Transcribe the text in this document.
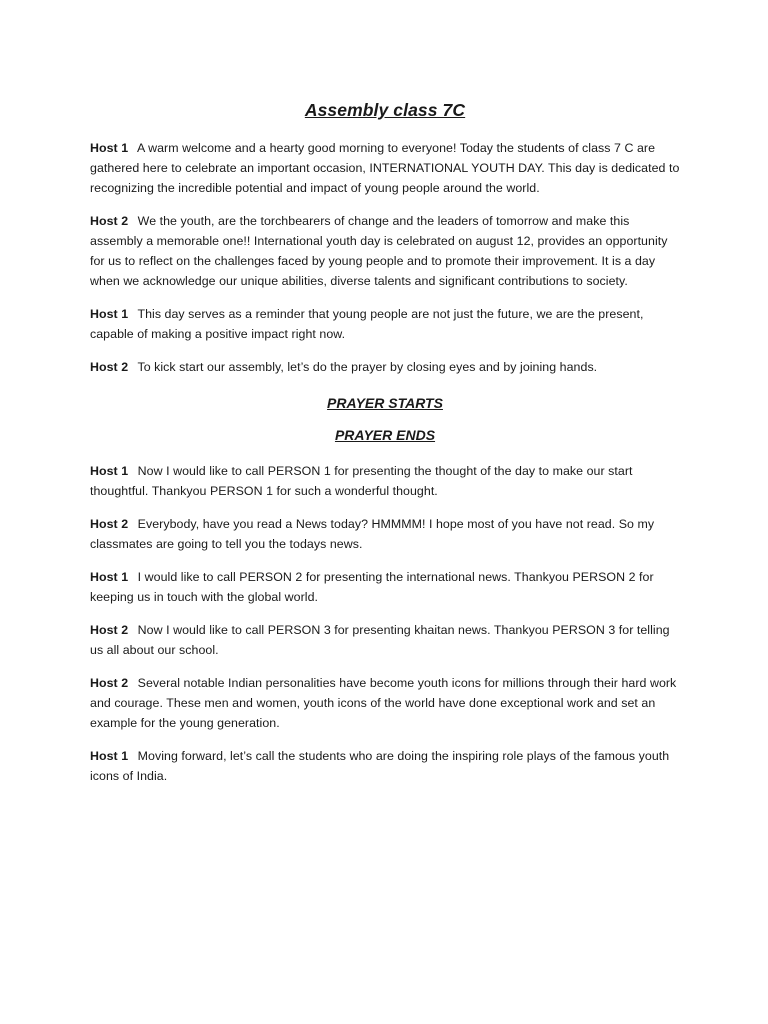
Assembly class 7C

Host 1 A warm welcome and a hearty good morning to everyone! Today the students of class 7 C are gathered here to celebrate an important occasion, INTERNATIONAL YOUTH DAY. This day is dedicated to recognizing the incredible potential and impact of young people around the world.

Host 2 We the youth, are the torchbearers of change and the leaders of tomorrow and make this assembly a memorable one!! International youth day is celebrated on august 12, provides an opportunity for us to reflect on the challenges faced by young people and to promote their improvement. It is a day when we acknowledge our unique abilities, diverse talents and significant contributions to society.

Host 1 This day serves as a reminder that young people are not just the future, we are the present, capable of making a positive impact right now.

Host 2 To kick start our assembly, let’s do the prayer by closing eyes and by joining hands.

PRAYER STARTS
PRAYER ENDS

Host 1 Now I would like to call PERSON 1 for presenting the thought of the day to make our start thoughtful. Thankyou PERSON 1 for such a wonderful thought.

Host 2 Everybody, have you read a News today? HMMMM! I hope most of you have not read. So my classmates are going to tell you the todays news.

Host 1 I would like to call PERSON 2 for presenting the international news. Thankyou PERSON 2 for keeping us in touch with the global world.

Host 2 Now I would like to call PERSON 3 for presenting khaitan news. Thankyou PERSON 3 for telling us all about our school.

Host 2 Several notable Indian personalities have become youth icons for millions through their hard work and courage. These men and women, youth icons of the world have done exceptional work and set an example for the young generation.

Host 1 Moving forward, let’s call the students who are doing the inspiring role plays of the famous youth icons of India.
